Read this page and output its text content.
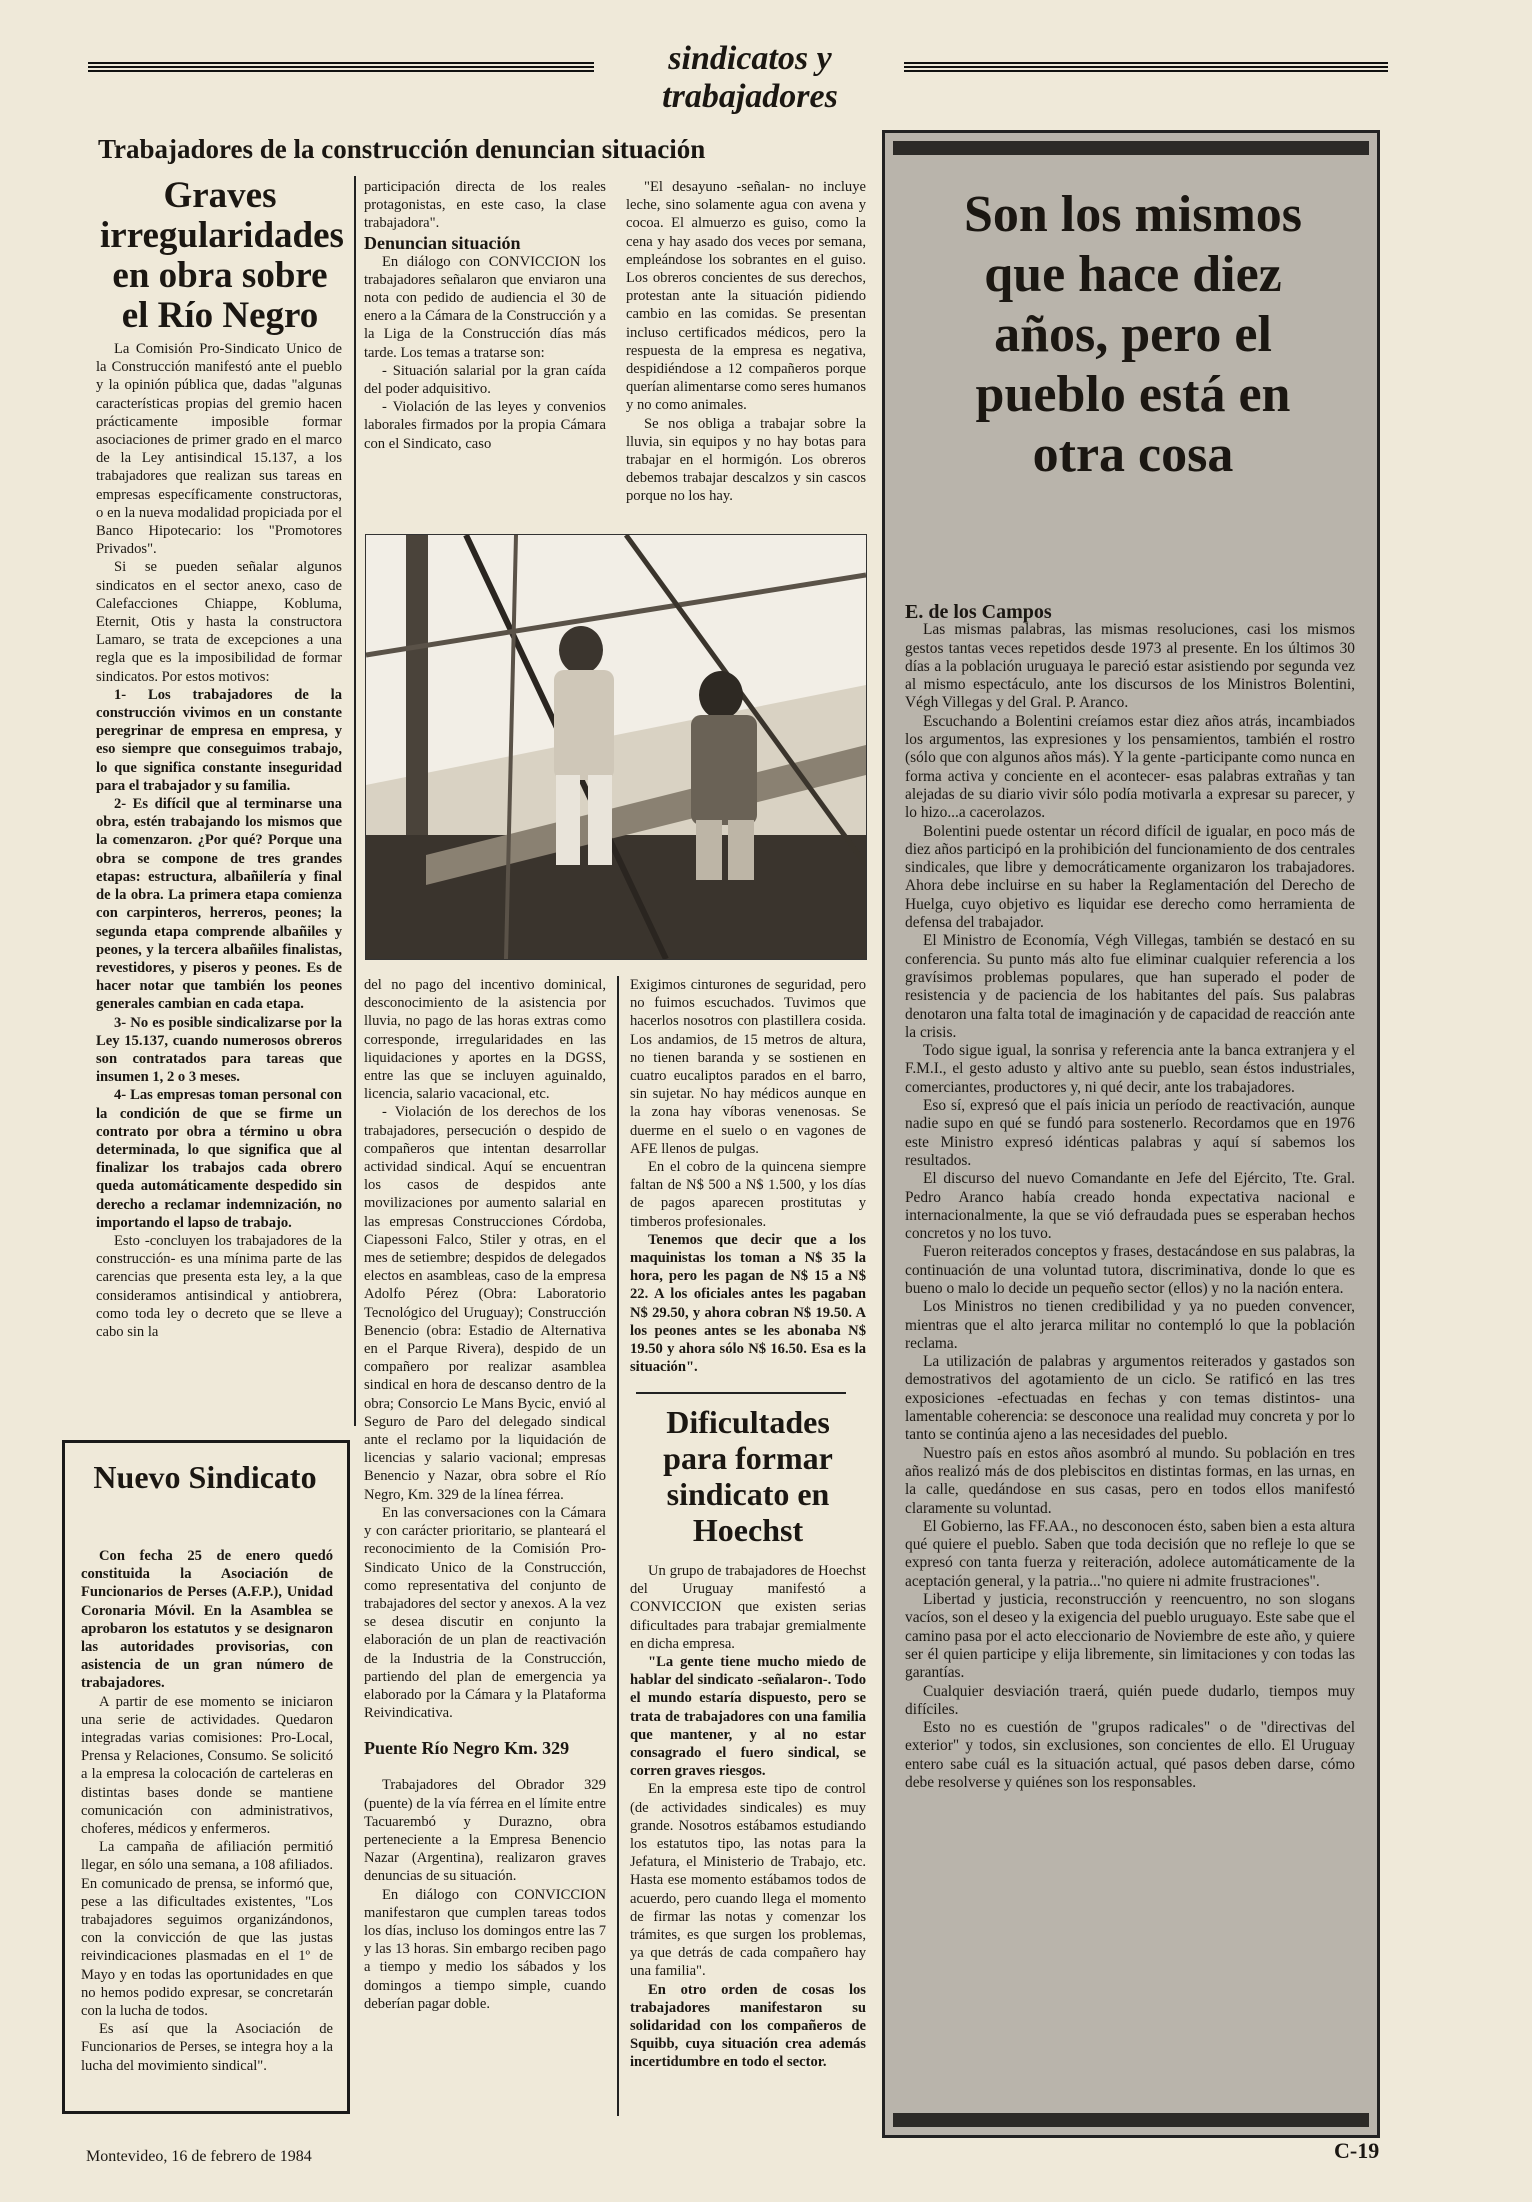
sindicatos y trabajadores
Trabajadores de la construcción denuncian situación
Graves irregularidades en obra sobre el Río Negro

La Comisión Pro-Sindicato Unico de la Construcción manifestó ante el pueblo y la opinión pública que, dadas "algunas características propias del gremio hacen prácticamente imposible formar asociaciones de primer grado en el marco de la Ley antisindical 15.137, a los trabajadores que realizan sus tareas en empresas específicamente constructoras, o en la nueva modalidad propiciada por el Banco Hipotecario: los "Promotores Privados".

Si se pueden señalar algunos sindicatos en el sector anexo, caso de Calefacciones Chiappe, Kobluma, Eternit, Otis y hasta la constructora Lamaro, se trata de excepciones a una regla que es la imposibilidad de formar sindicatos. Por estos motivos:

1- Los trabajadores de la construcción vivimos en un constante peregrinar de empresa en empresa, y eso siempre que conseguimos trabajo, lo que significa constante inseguridad para el trabajador y su familia.

2- Es difícil que al terminarse una obra, estén trabajando los mismos que la comenzaron. ¿Por qué? Porque una obra se compone de tres grandes etapas: estructura, albañilería y final de la obra. La primera etapa comienza con carpinteros, herreros, peones; la segunda etapa comprende albañiles y peones, y la tercera albañiles finalistas, revestidores, y piseros y peones. Es de hacer notar que también los peones generales cambian en cada etapa.

3- No es posible sindicalizarse por la Ley 15.137, cuando numerosos obreros son contratados para tareas que insumen 1, 2 o 3 meses.

4- Las empresas toman personal con la condición de que se firme un contrato por obra a término u obra determinada, lo que significa que al finalizar los trabajos cada obrero queda automáticamente despedido sin derecho a reclamar indemnización, no importando el lapso de trabajo.

Esto -concluyen los trabajadores de la construcción- es una mínima parte de las carencias que presenta esta ley, a la que consideramos antisindical y antiobrera, como toda ley o decreto que se lleve a cabo sin la

participación directa de los reales protagonistas, en este caso, la clase trabajadora".

Denuncian situación

En diálogo con CONVICCION los trabajadores señalaron que enviaron una nota con pedido de audiencia el 30 de enero a la Cámara de la Construcción y a la Liga de la Construcción días más tarde. Los temas a tratarse son:

- Situación salarial por la gran caída del poder adquisitivo.

- Violación de las leyes y convenios laborales firmados por la propia Cámara con el Sindicato, caso

"El desayuno -señalan- no incluye leche, sino solamente agua con avena y cocoa. El almuerzo es guiso, como la cena y hay asado dos veces por semana, empleándose los sobrantes en el guiso. Los obreros concientes de sus derechos, protestan ante la situación pidiendo cambio en las comidas. Se presentan incluso certificados médicos, pero la respuesta de la empresa es negativa, despidiéndose a 12 compañeros porque querían alimentarse como seres humanos y no como animales.

Se nos obliga a trabajar sobre la lluvia, sin equipos y no hay botas para trabajar en el hormigón. Los obreros debemos trabajar descalzos y sin cascos porque no los hay.

del no pago del incentivo dominical, desconocimiento de la asistencia por lluvia, no pago de las horas extras como corresponde, irregularidades en las liquidaciones y aportes en la DGSS, entre las que se incluyen aguinaldo, licencia, salario vacacional, etc.

- Violación de los derechos de los trabajadores, persecución o despido de compañeros que intentan desarrollar actividad sindical. Aquí se encuentran los casos de despidos ante movilizaciones por aumento salarial en las empresas Construcciones Córdoba, Ciapessoni Falco, Stiler y otras, en el mes de setiembre; despidos de delegados electos en asambleas, caso de la empresa Adolfo Pérez (Obra: Laboratorio Tecnológico del Uruguay); Construcción Benencio (obra: Estadio de Alternativa en el Parque Rivera), despido de un compañero por realizar asamblea sindical en hora de descanso dentro de la obra; Consorcio Le Mans Bycic, envió al Seguro de Paro del delegado sindical ante el reclamo por la liquidación de licencias y salario vacional; empresas Benencio y Nazar, obra sobre el Río Negro, Km. 329 de la línea férrea.

En las conversaciones con la Cámara y con carácter prioritario, se planteará el reconocimiento de la Comisión Pro-Sindicato Unico de la Construcción, como representativa del conjunto de trabajadores del sector y anexos. A la vez se desea discutir en conjunto la elaboración de un plan de reactivación de la Industria de la Construcción, partiendo del plan de emergencia ya elaborado por la Cámara y la Plataforma Reivindicativa.

Puente Río Negro Km. 329

Trabajadores del Obrador 329 (puente) de la vía férrea en el límite entre Tacuarembó y Durazno, obra perteneciente a la Empresa Benencio Nazar (Argentina), realizaron graves denuncias de su situación.

En diálogo con CONVICCION manifestaron que cumplen tareas todos los días, incluso los domingos entre las 7 y las 13 horas. Sin embargo reciben pago a tiempo y medio los sábados y los domingos a tiempo simple, cuando deberían pagar doble.

Exigimos cinturones de seguridad, pero no fuimos escuchados. Tuvimos que hacerlos nosotros con plastillera cosida. Los andamios, de 15 metros de altura, no tienen baranda y se sostienen en cuatro eucaliptos parados en el barro, sin sujetar. No hay médicos aunque en la zona hay víboras venenosas. Se duerme en el suelo o en vagones de AFE llenos de pulgas.

En el cobro de la quincena siempre faltan de N$ 500 a N$ 1.500, y los días de pagos aparecen prostitutas y timberos profesionales.

Tenemos que decir que a los maquinistas los toman a N$ 35 la hora, pero les pagan de N$ 15 a N$ 22. A los oficiales antes les pagaban N$ 29.50, y ahora cobran N$ 19.50. A los peones antes se les abonaba N$ 19.50 y ahora sólo N$ 16.50. Esa es la situación".

Dificultades para formar sindicato en Hoechst

Un grupo de trabajadores de Hoechst del Uruguay manifestó a CONVICCION que existen serias dificultades para trabajar gremialmente en dicha empresa.

"La gente tiene mucho miedo de hablar del sindicato -señalaron-. Todo el mundo estaría dispuesto, pero se trata de trabajadores con una familia que mantener, y al no estar consagrado el fuero sindical, se corren graves riesgos.

En la empresa este tipo de control (de actividades sindicales) es muy grande. Nosotros estábamos estudiando los estatutos tipo, las notas para la Jefatura, el Ministerio de Trabajo, etc. Hasta ese momento estábamos todos de acuerdo, pero cuando llega el momento de firmar las notas y comenzar los trámites, es que surgen los problemas, ya que detrás de cada compañero hay una familia".

En otro orden de cosas los trabajadores manifestaron su solidaridad con los compañeros de Squibb, cuya situación crea además incertidumbre en todo el sector.

Nuevo Sindicato

Con fecha 25 de enero quedó constituida la Asociación de Funcionarios de Perses (A.F.P.), Unidad Coronaria Móvil. En la Asamblea se aprobaron los estatutos y se designaron las autoridades provisorias, con asistencia de un gran número de trabajadores.

A partir de ese momento se iniciaron una serie de actividades. Quedaron integradas varias comisiones: Pro-Local, Prensa y Relaciones, Consumo. Se solicitó a la empresa la colocación de carteleras en distintas bases donde se mantiene comunicación con administrativos, choferes, médicos y enfermeros.

La campaña de afiliación permitió llegar, en sólo una semana, a 108 afiliados. En comunicado de prensa, se informó que, pese a las dificultades existentes, "Los trabajadores seguimos organizándonos, con la convicción de que las justas reivindicaciones plasmadas en el 1º de Mayo y en todas las oportunidades en que no hemos podido expresar, se concretarán con la lucha de todos.

Es así que la Asociación de Funcionarios de Perses, se integra hoy a la lucha del movimiento sindical".

Son los mismos que hace diez años, pero el pueblo está en otra cosa

E. de los Campos

Las mismas palabras, las mismas resoluciones, casi los mismos gestos tantas veces repetidos desde 1973 al presente. En los últimos 30 días a la población uruguaya le pareció estar asistiendo por segunda vez al mismo espectáculo, ante los discursos de los Ministros Bolentini, Végh Villegas y del Gral. P. Aranco.

Escuchando a Bolentini creíamos estar diez años atrás, incambiados los argumentos, las expresiones y los pensamientos, también el rostro (sólo que con algunos años más). Y la gente -participante como nunca en forma activa y conciente en el acontecer- esas palabras extrañas y tan alejadas de su diario vivir sólo podía motivarla a expresar su parecer, y lo hizo...a cacerolazos.

Bolentini puede ostentar un récord difícil de igualar, en poco más de diez años participó en la prohibición del funcionamiento de dos centrales sindicales, que libre y democráticamente organizaron los trabajadores. Ahora debe incluirse en su haber la Reglamentación del Derecho de Huelga, cuyo objetivo es liquidar ese derecho como herramienta de defensa del trabajador.

El Ministro de Economía, Végh Villegas, también se destacó en su conferencia. Su punto más alto fue eliminar cualquier referencia a los gravísimos problemas populares, que han superado el poder de resistencia y de paciencia de los habitantes del país. Sus palabras denotaron una falta total de imaginación y de capacidad de reacción ante la crisis.

Todo sigue igual, la sonrisa y referencia ante la banca extranjera y el F.M.I., el gesto adusto y altivo ante su pueblo, sean éstos industriales, comerciantes, productores y, ni qué decir, ante los trabajadores.

Eso sí, expresó que el país inicia un período de reactivación, aunque nadie supo en qué se fundó para sostenerlo. Recordamos que en 1976 este Ministro expresó idénticas palabras y aquí sí sabemos los resultados.

El discurso del nuevo Comandante en Jefe del Ejército, Tte. Gral. Pedro Aranco había creado honda expectativa nacional e internacionalmente, la que se vió defraudada pues se esperaban hechos concretos y no los tuvo.

Fueron reiterados conceptos y frases, destacándose en sus palabras, la continuación de una voluntad tutora, discriminativa, donde lo que es bueno o malo lo decide un pequeño sector (ellos) y no la nación entera.

Los Ministros no tienen credibilidad y ya no pueden convencer, mientras que el alto jerarca militar no contempló lo que la población reclama.

La utilización de palabras y argumentos reiterados y gastados son demostrativos del agotamiento de un ciclo. Se ratificó en las tres exposiciones -efectuadas en fechas y con temas distintos- una lamentable coherencia: se desconoce una realidad muy concreta y por lo tanto se continúa ajeno a las necesidades del pueblo.

Nuestro país en estos años asombró al mundo. Su población en tres años realizó más de dos plebiscitos en distintas formas, en las urnas, en la calle, quedándose en sus casas, pero en todos ellos manifestó claramente su voluntad.

El Gobierno, las FF.AA., no desconocen ésto, saben bien a esta altura qué quiere el pueblo. Saben que toda decisión que no refleje lo que se expresó con tanta fuerza y reiteración, adolece automáticamente de la aceptación general, y la patria..."no quiere ni admite frustraciones".

Libertad y justicia, reconstrucción y reencuentro, no son slogans vacíos, son el deseo y la exigencia del pueblo uruguayo. Este sabe que el camino pasa por el acto eleccionario de Noviembre de este año, y quiere ser él quien participe y elija libremente, sin limitaciones y con todas las garantías.

Cualquier desviación traerá, quién puede dudarlo, tiempos muy difíciles.

Esto no es cuestión de "grupos radicales" o de "directivas del exterior" y todos, sin exclusiones, son concientes de ello. El Uruguay entero sabe cuál es la situación actual, qué pasos deben darse, cómo debe resolverse y quiénes son los responsables.

Montevideo, 16 de febrero de 1984	C-19
